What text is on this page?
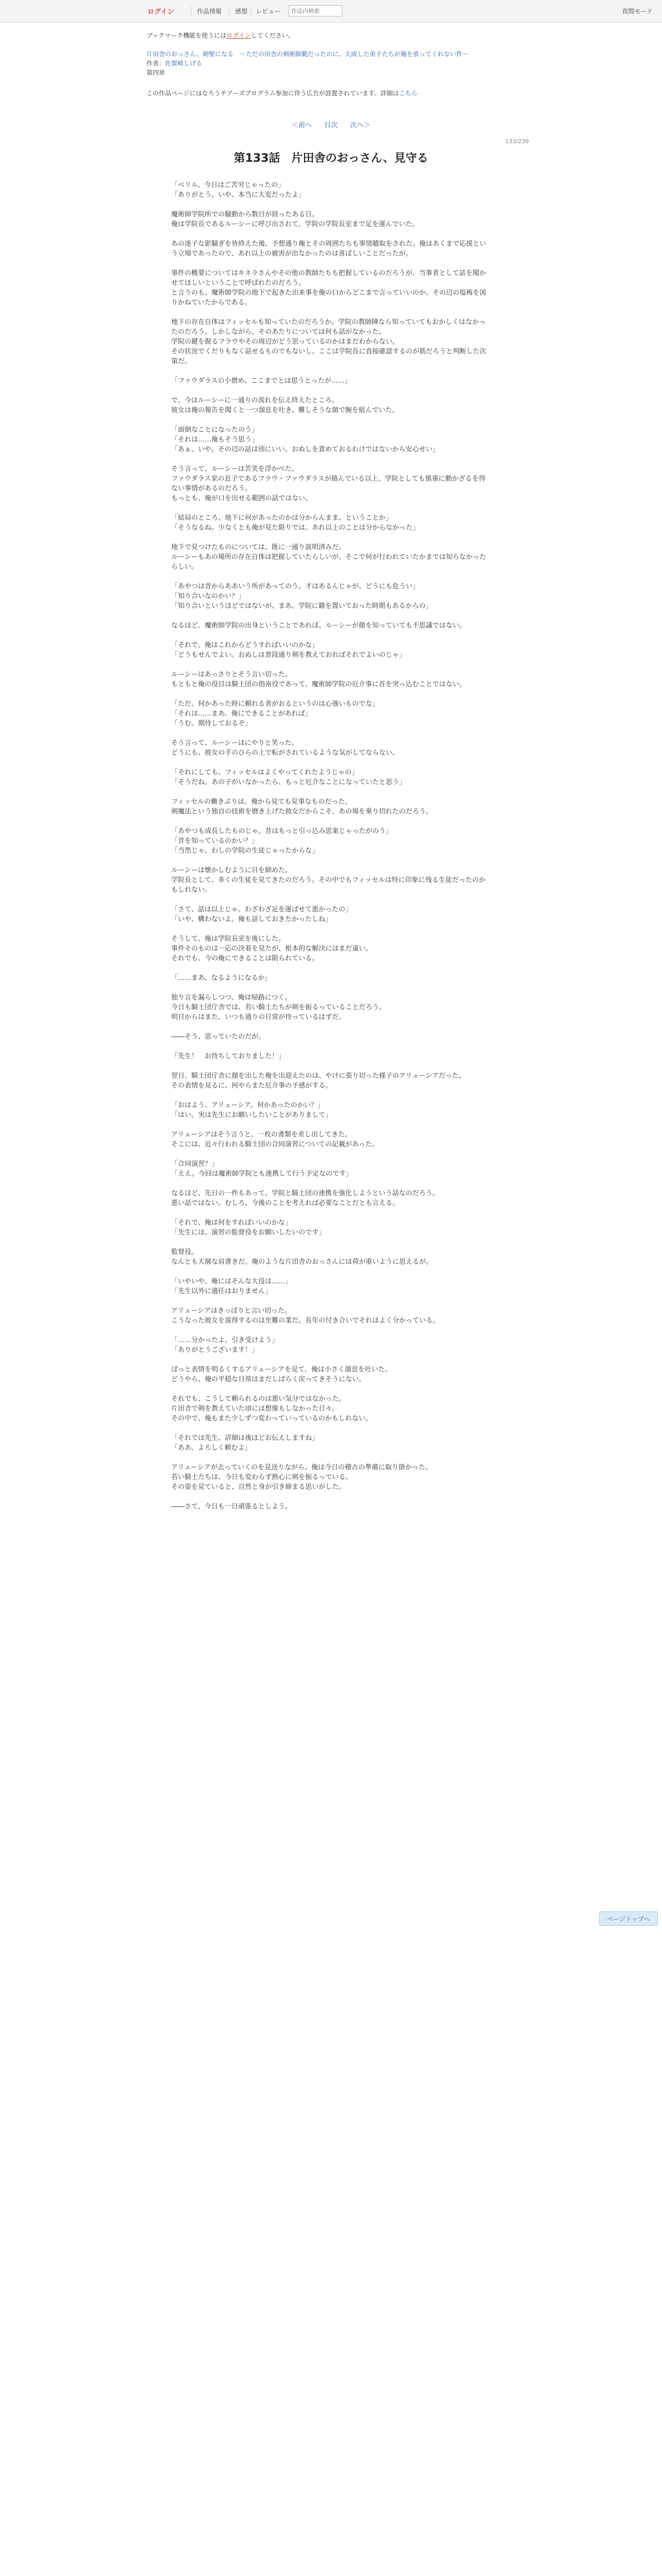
ログイン	作品情報 感想 レビュー
作品内検索	夜間モード
ブックマーク機能を使うにはログインしてください。
片田舎のおっさん、剣聖になる　～ただの田舎の剣術師範だったのに、大成した弟子たちが俺を放ってくれない件～
作者：佐賀崎しげる
第四章
この作品ページにはなろうチアーズプログラム参加に伴う広告が設置されています。詳細はこちら
＜前へ 目次 次へ＞
133/239
第133話　片田舎のおっさん、見守る

「ベリル、今日はご苦労じゃったの」

「ありがとう。いや、本当に大変だったよ」

魔術師学院所での騒動から数日が経ったある日。

俺は学院長であるルーシーに呼び出されて、学院の学院長室まで足を運んでいた。

あの迷子な影騒ぎを皆終えた後、予想通り俺とその周囲たちも事情聴取をされた。俺はあくまで応援という立場であったので、あれ以上の被害が出なかったのは喜ばしいことだったが。

事件の概要についてはキネラさんやその他の教師たちも把握しているのだろうが、当事者として話を聞かせてほしいということで呼ばれたのだろう。

と言うのも、魔術師学院の地下で起きた出来事を俺の口からどこまで言っていいのか、その辺の塩梅を図りかねていたからである。

地下の存在自体はフィッセルも知っていたのだろうか。学院の教師陣なら知っていてもおかしくはなかったのだろう。しかしながら、そのあたりについては何も話がなかった。

学院の鍵を握るフラウやその周辺がどう思っているのかはまだわからない。

その状況でくだりもなく話せるものでもないし、ここは学院長に直接確認するのが筋だろうと判断した次第だ。

「ファウダラスの小僧め、ここまでとは思うとったが……」

で、今はルーシーに一通りの流れを伝え終えたところ。

彼女は俺の報告を聞くと一つ溜息を吐き、難しそうな顔で腕を組んでいた。

「面倒なことになったのう」

「それは……俺もそう思う」

「あぁ、いや。その辺の話は別にいい。おぬしを責めておるわけではないから安心せい」

そう言って、ルーシーは苦笑を浮かべた。

ファウダラス家の息子であるフラウ・ファウダラスが絡んでいる以上、学院としても慎重に動かざるを得ない事情があるのだろう。

もっとも、俺が口を出せる範囲の話ではない。

「結局のところ、地下に何があったのかは分からんまま、ということか」

「そうなるね。少なくとも俺が見た限りでは、あれ以上のことは分からなかった」

地下で見つけたものについては、既に一通り説明済みだ。

ルーシーもあの場所の存在自体は把握していたらしいが、そこで何が行われていたかまでは知らなかったらしい。

「あやつは昔からああいう所があってのう。才はあるんじゃが、どうにも危うい」

「知り合いなのかい？」

「知り合いというほどではないが、まあ、学院に籍を置いておった時期もあるからの」

なるほど。魔術師学院の出身ということであれば、ルーシーが顔を知っていても不思議ではない。

「それで、俺はこれからどうすればいいのかな」

「どうもせんでよい。おぬしは普段通り剣を教えておればそれでよいのじゃ」

ルーシーはあっさりとそう言い切った。

もともと俺の役目は騎士団の指南役であって、魔術師学院の厄介事に首を突っ込むことではない。

「ただ、何かあった時に頼れる者がおるというのは心強いものでな」

「それは……まあ、俺にできることがあれば」

「うむ。期待しておるぞ」

そう言って、ルーシーはにやりと笑った。

どうにも、彼女の手のひらの上で転がされているような気がしてならない。

「それにしても、フィッセルはよくやってくれたようじゃの」

「そうだね。あの子がいなかったら、もっと厄介なことになっていたと思う」

フィッセルの働きぶりは、俺から見ても見事なものだった。

剣魔法という独自の技術を磨き上げた彼女だからこそ、あの場を乗り切れたのだろう。

「あやつも成長したものじゃ。昔はもっと引っ込み思案じゃったがのう」

「昔を知っているのかい？」

「当然じゃ。わしの学院の生徒じゃったからな」

ルーシーは懐かしむように目を細めた。

学院長として、多くの生徒を見てきたのだろう。その中でもフィッセルは特に印象に残る生徒だったのかもしれない。

「さて、話は以上じゃ。わざわざ足を運ばせて悪かったの」

「いや、構わないよ。俺も話しておきたかったしね」

そうして、俺は学院長室を後にした。

事件そのものは一応の決着を見たが、根本的な解決にはまだ遠い。

それでも、今の俺にできることは限られている。

「……まあ、なるようになるか」

独り言を漏らしつつ、俺は帰路につく。

今日も騎士団庁舎では、若い騎士たちが剣を振るっていることだろう。

明日からはまた、いつも通りの日常が待っているはずだ。

――そう、思っていたのだが。

「先生！　お待ちしておりました！」

翌日、騎士団庁舎に顔を出した俺を出迎えたのは、やけに張り切った様子のアリューシアだった。

その表情を見るに、何やらまた厄介事の予感がする。

「おはよう、アリューシア。何かあったのかい？」

「はい。実は先生にお願いしたいことがありまして」

アリューシアはそう言うと、一枚の書類を差し出してきた。

そこには、近々行われる騎士団の合同演習についての記載があった。

「合同演習？」

「ええ。今回は魔術師学院とも連携して行う予定なのです」

なるほど、先日の一件もあって、学院と騎士団の連携を強化しようという話なのだろう。

悪い話ではない。むしろ、今後のことを考えれば必要なことだとも言える。

「それで、俺は何をすればいいのかな」

「先生には、演習の監督役をお願いしたいのです」

監督役。

なんとも大層な肩書きだ。俺のような片田舎のおっさんには荷が重いように思えるが。

「いやいや、俺にはそんな大役は……」

「先生以外に適任はおりません」

アリューシアはきっぱりと言い切った。

こうなった彼女を説得するのは至難の業だ。長年の付き合いでそれはよく分かっている。

「……分かったよ。引き受けよう」

「ありがとうございます！」

ぱっと表情を明るくするアリューシアを見て、俺は小さく溜息を吐いた。

どうやら、俺の平穏な日常はまだしばらく戻ってきそうにない。

それでも、こうして頼られるのは悪い気分ではなかった。

片田舎で剣を教えていた頃には想像もしなかった日々。

その中で、俺もまた少しずつ変わっていっているのかもしれない。

「それでは先生、詳細は後ほどお伝えしますね」

「ああ、よろしく頼むよ」

アリューシアが去っていくのを見送りながら、俺は今日の稽古の準備に取り掛かった。

若い騎士たちは、今日も変わらず熱心に剣を振るっている。

その姿を見ていると、自然と身が引き締まる思いがした。

――さて、今日も一日頑張るとしよう。

ページトップへ
